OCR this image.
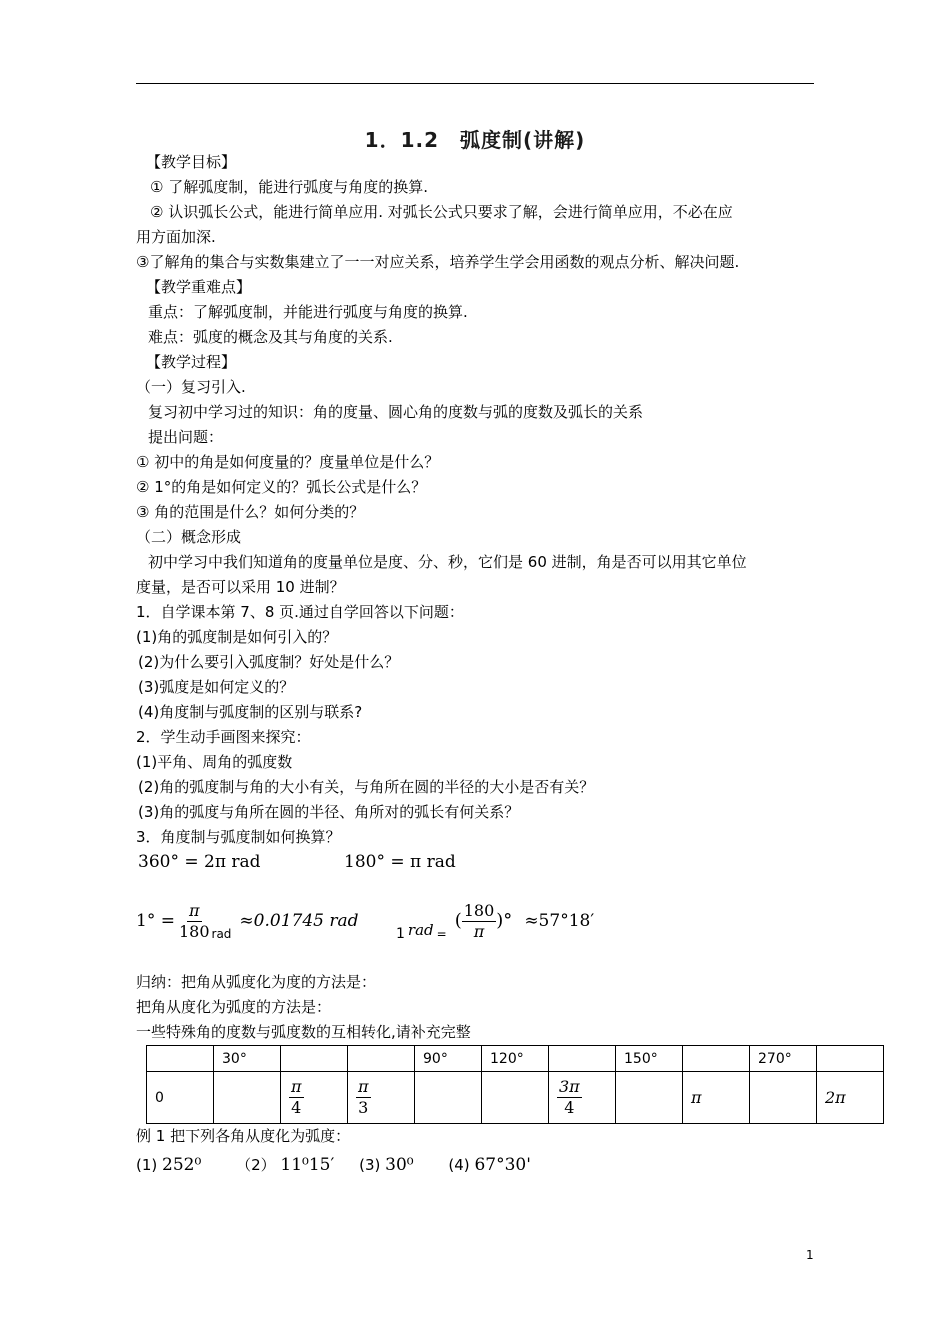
1．1.2　弧度制(讲解)
【教学目标】
① 了解弧度制，能进行弧度与角度的换算.
② 认识弧长公式，能进行简单应用. 对弧长公式只要求了解，会进行简单应用，不必在应
用方面加深.
③了解角的集合与实数集建立了一一对应关系，培养学生学会用函数的观点分析、解决问题.
【教学重难点】
重点：了解弧度制，并能进行弧度与角度的换算.
难点：弧度的概念及其与角度的关系.
【教学过程】
（一）复习引入.
复习初中学习过的知识：角的度量、圆心角的度数与弧的度数及弧长的关系
提出问题：
① 初中的角是如何度量的？度量单位是什么？
② 1°的角是如何定义的？弧长公式是什么？
③ 角的范围是什么？如何分类的？
（二）概念形成
初中学习中我们知道角的度量单位是度、分、秒，它们是 60 进制，角是否可以用其它单位
度量，是否可以采用 10 进制？
1．自学课本第 7、8 页.通过自学回答以下问题：
(1)角的弧度制是如何引入的？
(2)为什么要引入弧度制？好处是什么？
(3)弧度是如何定义的？
(4)角度制与弧度制的区别与联系?
2．学生动手画图来探究：
(1)平角、周角的弧度数
(2)角的弧度制与角的大小有关，与角所在圆的半径的大小是否有关？
(3)角的弧度与角所在圆的半径、角所对的弧长有何关系？
3．角度制与弧度制如何换算？
360° = 2π rad	180° = π rad
$1^\circ = \frac{\pi}{180}$ rad
≈0.01745 rad
1 rad =
( $\frac{180}{\pi}$ )° ≈57°18′
归纳：把角从弧度化为度的方法是：
把角从度化为弧度的方法是：
一些特殊角的度数与弧度数的互相转化,请补充完整
	30°			90°	120°		150°		270°	
0		$\frac{\pi}{4}$	$\frac{\pi}{3}$			$\frac{3\pi}{4}$		π		2π
例 1 把下列各角从度化为弧度：
(1) 252⁰ （2） 11⁰15′ (3) 30⁰ (4) 67°30'
1
